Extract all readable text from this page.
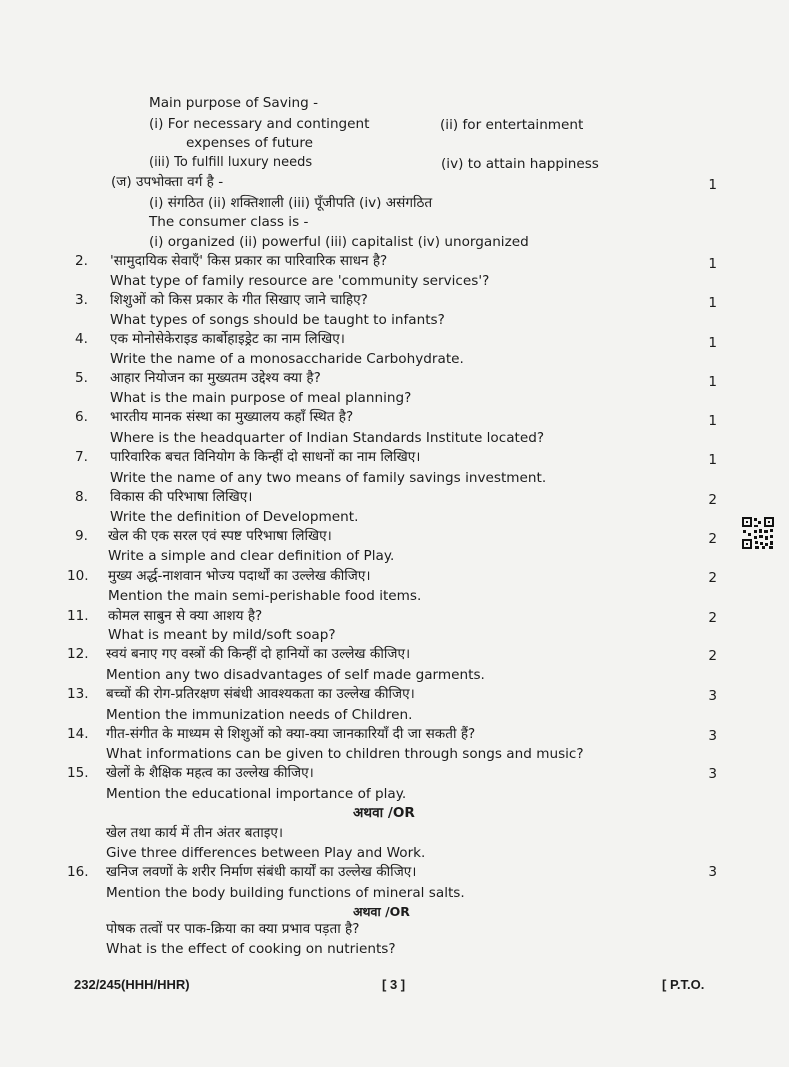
Main purpose of Saving -
(i) For necessary and contingent	(ii) for entertainment
expenses of future
(iii) To fulfill luxury needs	(iv) to attain happiness
(ज) उपभोक्ता वर्ग है -	1
(i) संगठित (ii) शक्तिशाली (iii) पूँजीपति (iv) असंगठित
The consumer class is -
(i) organized (ii) powerful (iii) capitalist (iv) unorganized
2. 'सामुदायिक सेवाएँ' किस प्रकार का पारिवारिक साधन है?	1
What type of family resource are 'community services'?
3. शिशुओं को किस प्रकार के गीत सिखाए जाने चाहिए?	1
What types of songs should be taught to infants?
4. एक मोनोसेकेराइड कार्बोहाइड्रेट का नाम लिखिए।	1
Write the name of a monosaccharide Carbohydrate.
5. आहार नियोजन का मुख्यतम उद्देश्य क्या है?	1
What is the main purpose of meal planning?
6. भारतीय मानक संस्था का मुख्यालय कहाँ स्थित है?	1
Where is the headquarter of Indian Standards Institute located?
7. पारिवारिक बचत विनियोग के किन्हीं दो साधनों का नाम लिखिए।	1
Write the name of any two means of family savings investment.
8. विकास की परिभाषा लिखिए।	2
Write the definition of Development.
9. खेल की एक सरल एवं स्पष्ट परिभाषा लिखिए।	2
Write a simple and clear definition of Play.
10. मुख्य अर्द्ध-नाशवान भोज्य पदार्थों का उल्लेख कीजिए।	2
Mention the main semi-perishable food items.
11. कोमल साबुन से क्या आशय है?	2
What is meant by mild/soft soap?
12. स्वयं बनाए गए वस्त्रों की किन्हीं दो हानियों का उल्लेख कीजिए।	2
Mention any two disadvantages of self made garments.
13. बच्चों की रोग-प्रतिरक्षण संबंधी आवश्यकता का उल्लेख कीजिए।	3
Mention the immunization needs of Children.
14. गीत-संगीत के माध्यम से शिशुओं को क्या-क्या जानकारियाँ दी जा सकती हैं?	3
What informations can be given to children through songs and music?
15. खेलों के शैक्षिक महत्व का उल्लेख कीजिए।	3
Mention the educational importance of play.
अथवा /OR
खेल तथा कार्य में तीन अंतर बताइए।
Give three differences between Play and Work.
16. खनिज लवणों के शरीर निर्माण संबंधी कार्यों का उल्लेख कीजिए।	3
Mention the body building functions of mineral salts.
अथवा /OR
पोषक तत्वों पर पाक-क्रिया का क्या प्रभाव पड़ता है?
What is the effect of cooking on nutrients?
232/245(HHH/HHR)	[ 3 ]	[ P.T.O.
